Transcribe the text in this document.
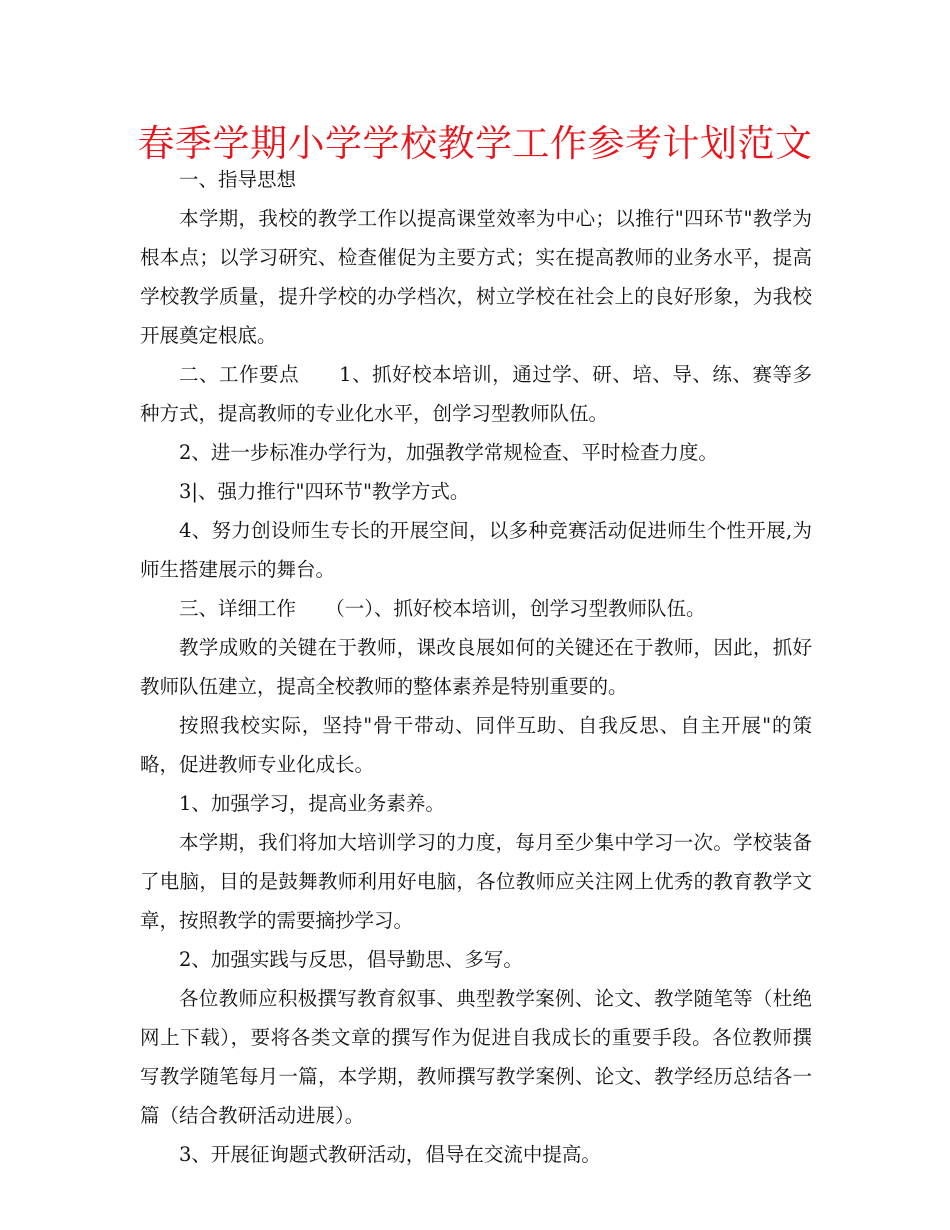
春季学期小学学校教学工作参考计划范文

一、指导思想

本学期，我校的教学工作以提高课堂效率为中心；以推行"四环节"教学为根本点；以学习研究、检查催促为主要方式；实在提高教师的业务水平，提高学校教学质量，提升学校的办学档次，树立学校在社会上的良好形象，为我校开展奠定根底。

二、工作要点　　1、抓好校本培训，通过学、研、培、导、练、赛等多种方式，提高教师的专业化水平，创学习型教师队伍。

2、进一步标准办学行为，加强教学常规检查、平时检查力度。

3|、强力推行"四环节"教学方式。

4、努力创设师生专长的开展空间，以多种竞赛活动促进师生个性开展,为师生搭建展示的舞台。

三、详细工作　　（一）、抓好校本培训，创学习型教师队伍。

教学成败的关键在于教师，课改良展如何的关键还在于教师，因此，抓好教师队伍建立，提高全校教师的整体素养是特别重要的。

按照我校实际，坚持"骨干带动、同伴互助、自我反思、自主开展"的策略，促进教师专业化成长。

1、加强学习，提高业务素养。

本学期，我们将加大培训学习的力度，每月至少集中学习一次。学校装备了电脑，目的是鼓舞教师利用好电脑，各位教师应关注网上优秀的教育教学文章，按照教学的需要摘抄学习。

2、加强实践与反思，倡导勤思、多写。

各位教师应积极撰写教育叙事、典型教学案例、论文、教学随笔等（杜绝网上下载），要将各类文章的撰写作为促进自我成长的重要手段。各位教师撰写教学随笔每月一篇，本学期，教师撰写教学案例、论文、教学经历总结各一篇（结合教研活动进展）。

3、开展征询题式教研活动，倡导在交流中提高。
